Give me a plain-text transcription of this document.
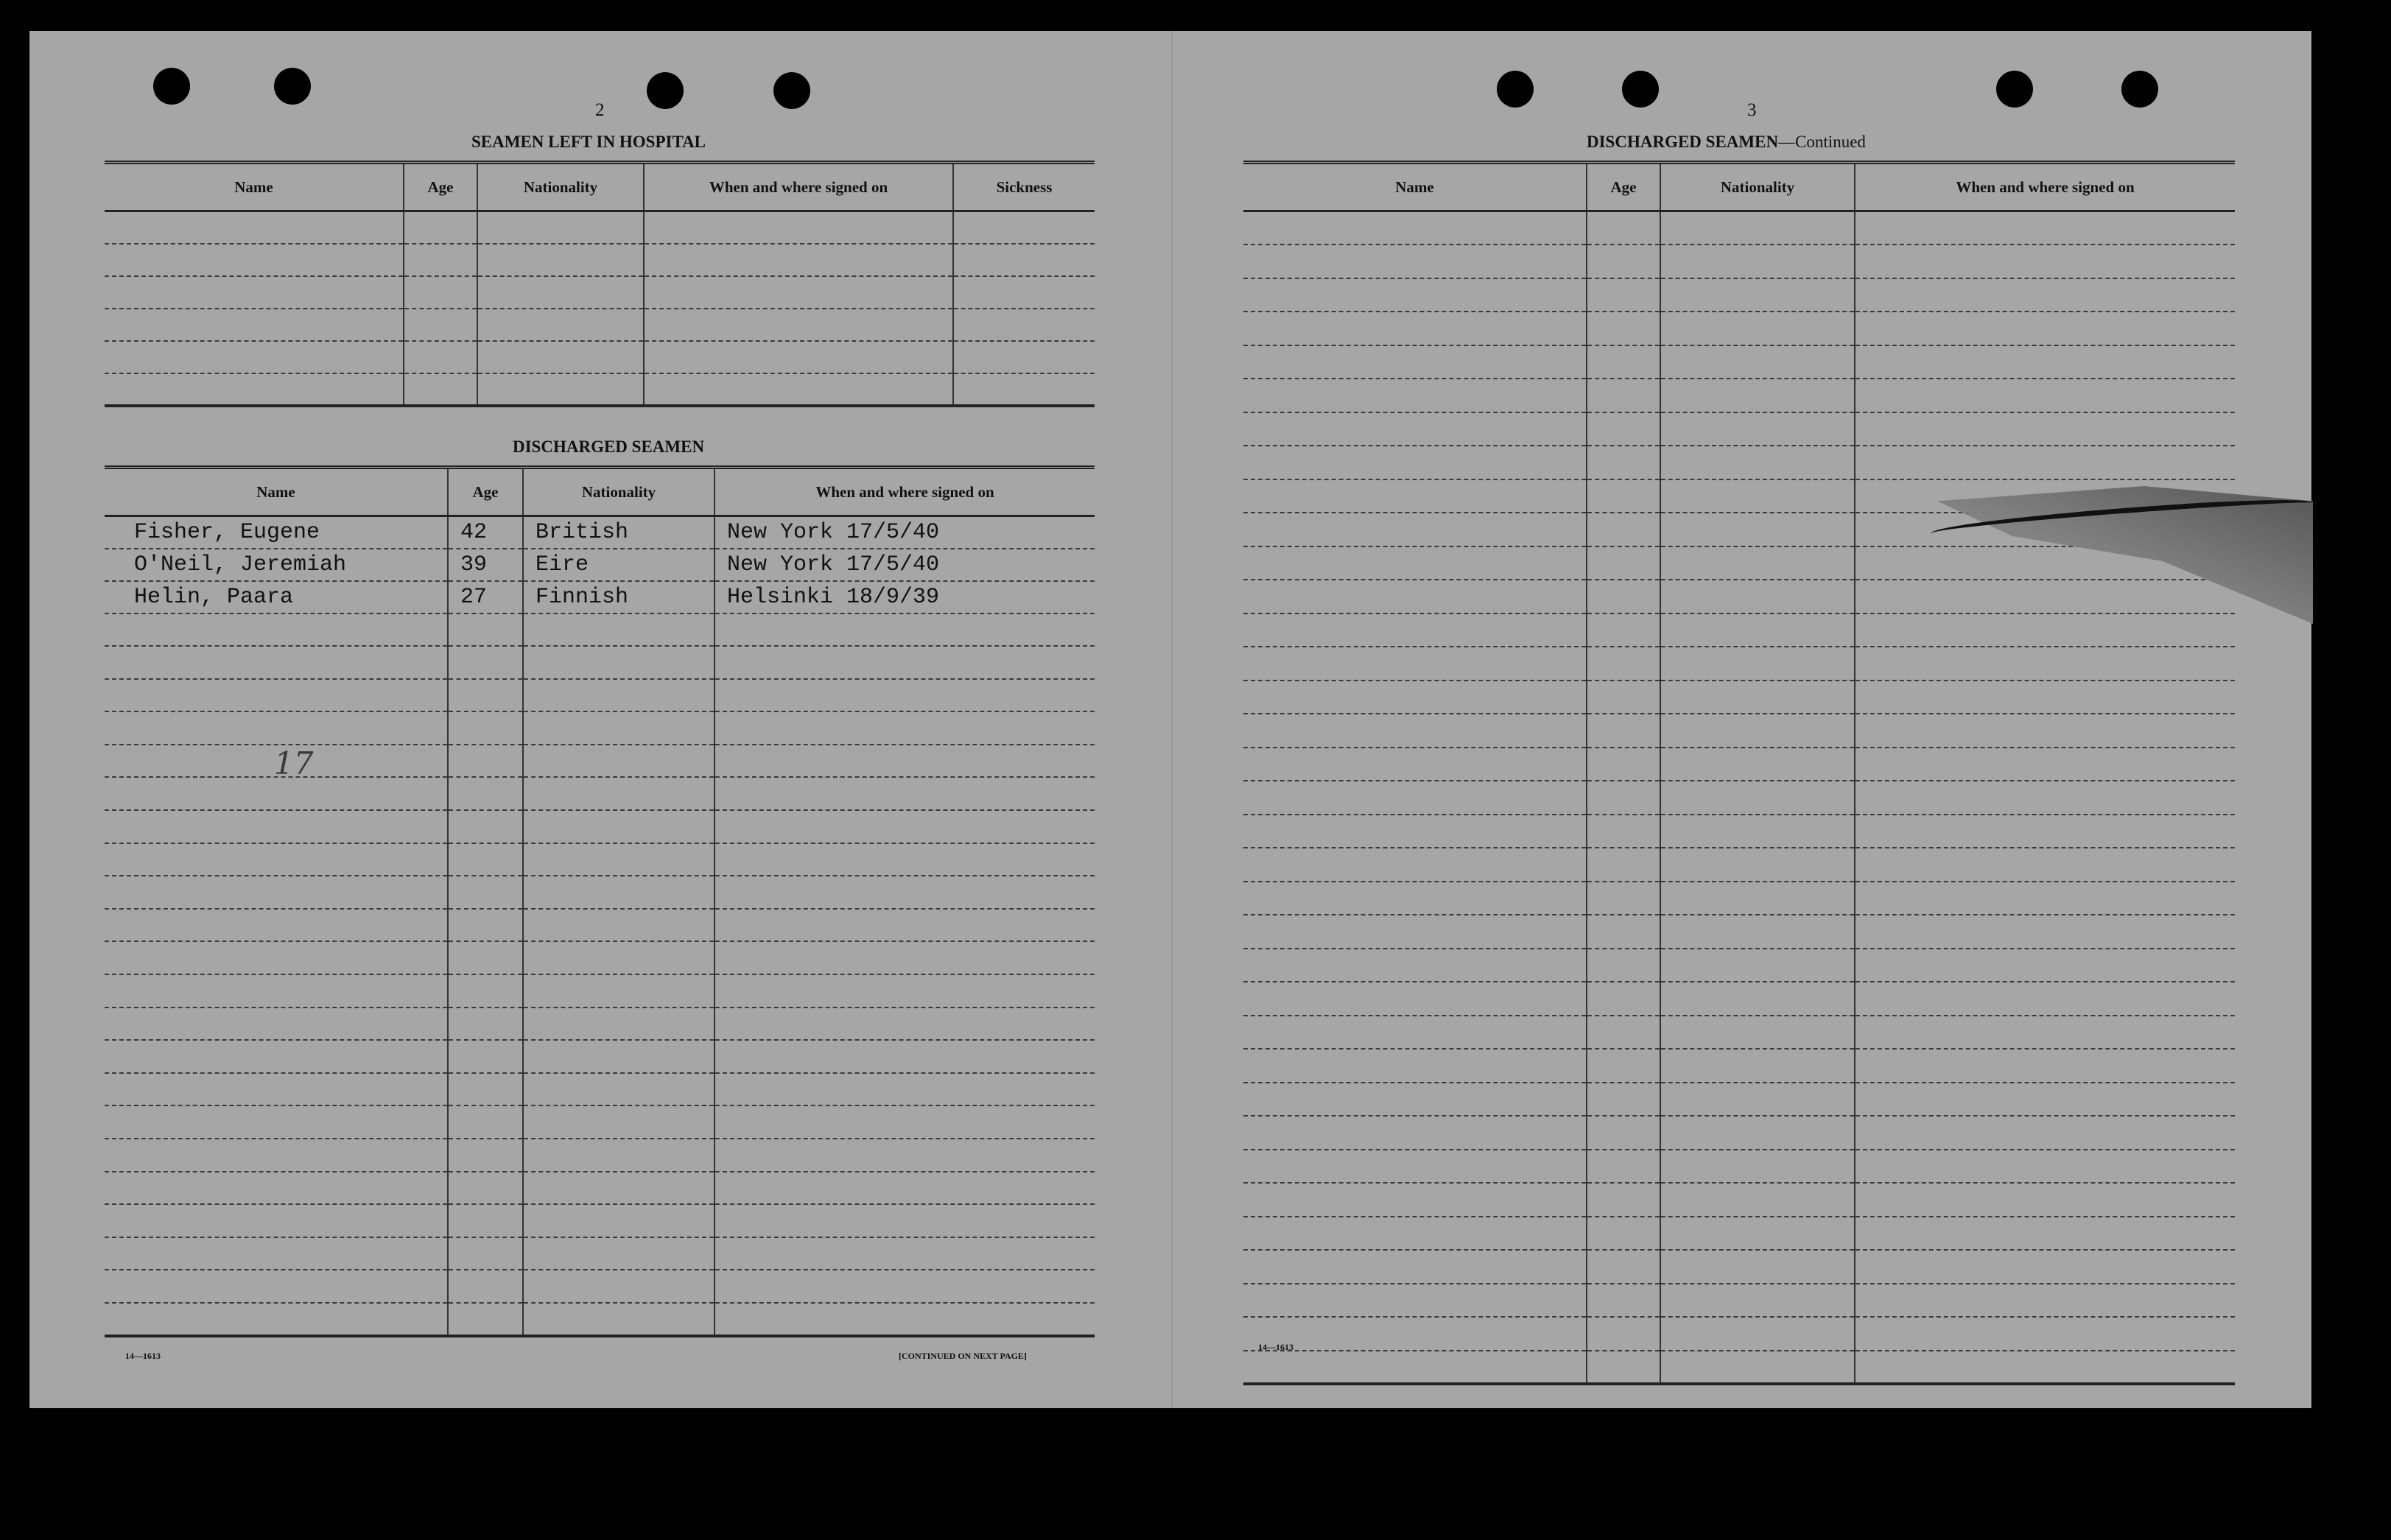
2
SEAMEN LEFT IN HOSPITAL
Name	Age	Nationality	When and where signed on	Sickness

DISCHARGED SEAMEN
Name	Age	Nationality	When and where signed on
Fisher, Eugene	42	British	New York 17/5/40
O'Neil, Jeremiah	39	Eire	New York 17/5/40
Helin, Paara	27	Finnish	Helsinki 18/9/39

17
14—1613	[CONTINUED ON NEXT PAGE]
3
DISCHARGED SEAMEN—Continued
Name	Age	Nationality	When and where signed on

14—1613
